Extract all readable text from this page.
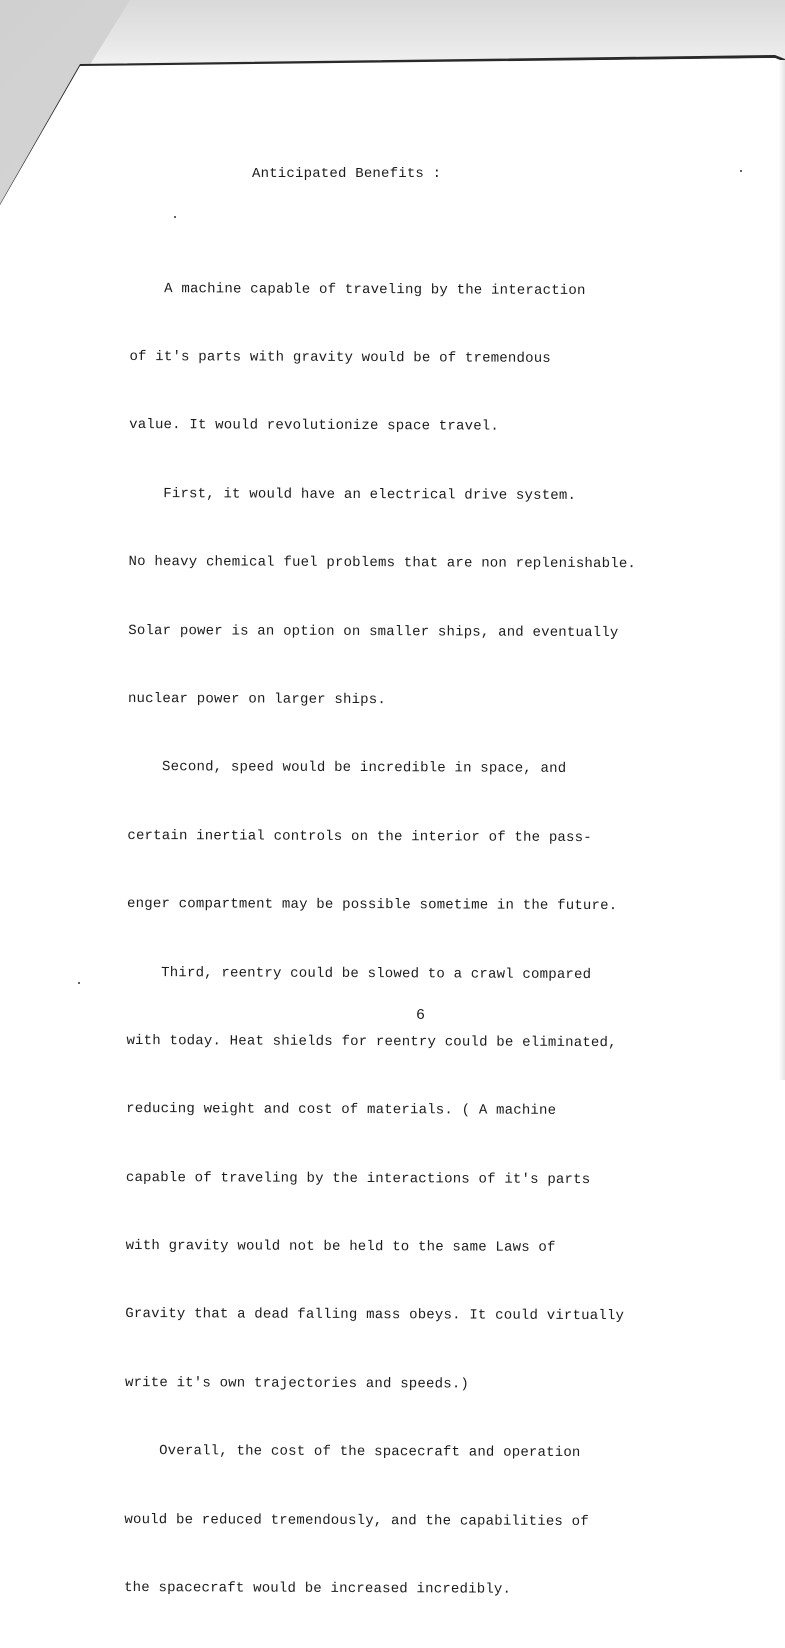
Anticipated Benefits :

A machine capable of traveling by the interaction

of it's parts with gravity would be of tremendous

value. It would revolutionize space travel.

First, it would have an electrical drive system.

No heavy chemical fuel problems that are non replenishable.

Solar power is an option on smaller ships, and eventually

nuclear power on larger ships.

Second, speed would be incredible in space, and

certain inertial controls on the interior of the pass-

enger compartment may be possible sometime in the future.

Third, reentry could be slowed to a crawl compared

with today. Heat shields for reentry could be eliminated,

reducing weight and cost of materials. ( A machine

capable of traveling by the interactions of it's parts

with gravity would not be held to the same Laws of

Gravity that a dead falling mass obeys. It could virtually

write it's own trajectories and speeds.)

Overall, the cost of the spacecraft and operation

would be reduced tremendously, and the capabilities of

the spacecraft would be increased incredibly.

6
